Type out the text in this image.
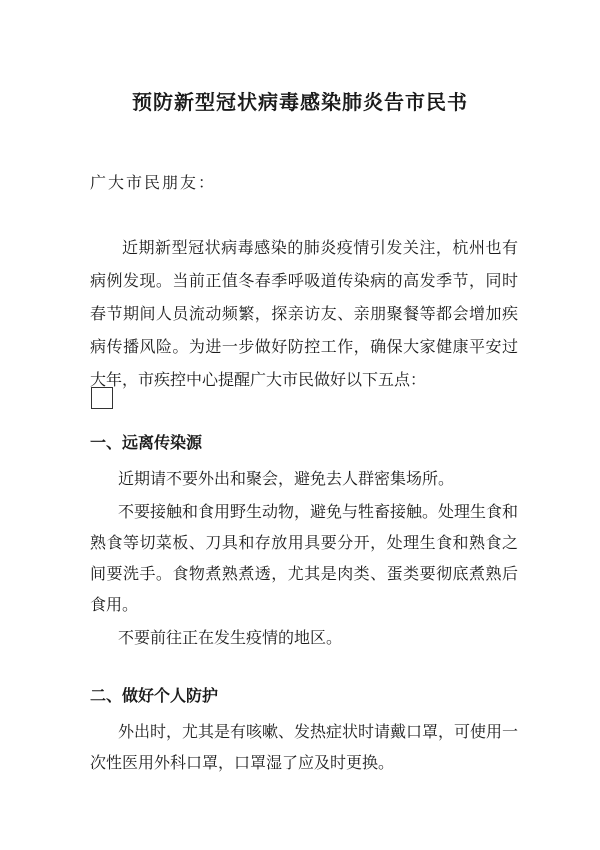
预防新型冠状病毒感染肺炎告市民书

广大市民朋友：

近期新型冠状病毒感染的肺炎疫情引发关注，杭州也有病例发现。当前正值冬春季呼吸道传染病的高发季节，同时春节期间人员流动频繁，探亲访友、亲朋聚餐等都会增加疾病传播风险。为进一步做好防控工作，确保大家健康平安过大年，市疾控中心提醒广大市民做好以下五点：

一、远离传染源

近期请不要外出和聚会，避免去人群密集场所。

不要接触和食用野生动物，避免与牲畜接触。处理生食和熟食等切菜板、刀具和存放用具要分开，处理生食和熟食之间要洗手。食物煮熟煮透，尤其是肉类、蛋类要彻底煮熟后食用。

不要前往正在发生疫情的地区。

二、做好个人防护

外出时，尤其是有咳嗽、发热症状时请戴口罩，可使用一次性医用外科口罩，口罩湿了应及时更换。
